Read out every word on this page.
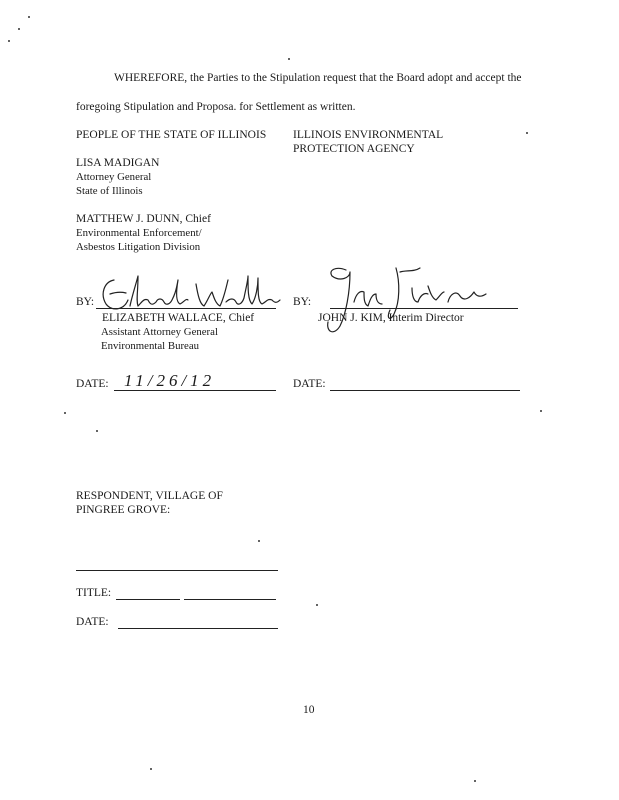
WHEREFORE, the Parties to the Stipulation request that the Board adopt and accept the
foregoing Stipulation and Proposa. for Settlement as written.
PEOPLE OF THE STATE OF ILLINOIS ILLINOIS ENVIRONMENTAL
PROTECTION AGENCY
LISA MADIGAN
Attorney General
State of Illinois
MATTHEW J. DUNN, Chief
Environmental Enforcement/
Asbestos Litigation Division
BY:
ELIZABETH WALLACE, Chief
Assistant Attorney General
Environmental Bureau
BY:
JOHN J. KIM, Interim Director
DATE: 11/26/12	DATE:
RESPONDENT, VILLAGE OF
PINGREE GROVE:
TITLE:
DATE:
10
